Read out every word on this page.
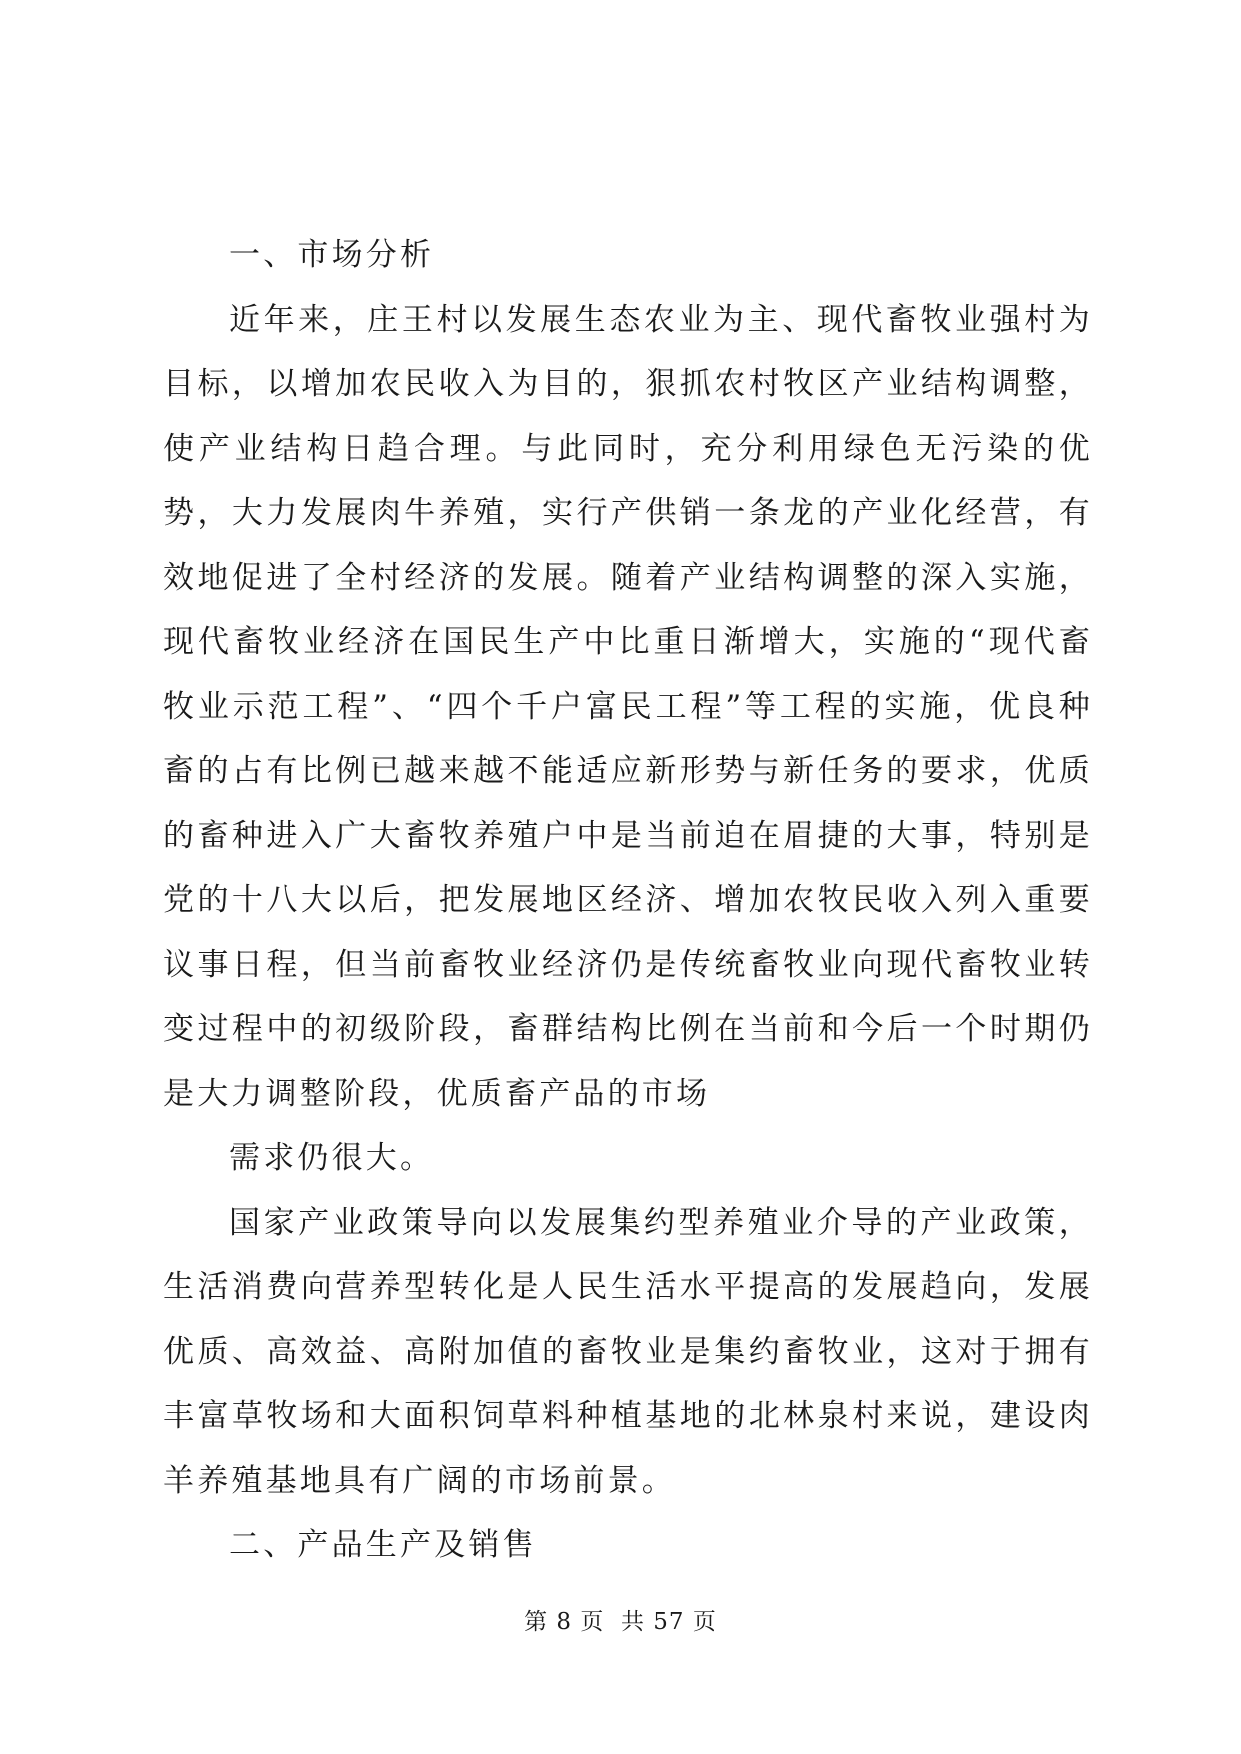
一、市场分析

近年来，庄王村以发展生态农业为主、现代畜牧业强村为目标，以增加农民收入为目的，狠抓农村牧区产业结构调整，使产业结构日趋合理。与此同时，充分利用绿色无污染的优势，大力发展肉牛养殖，实行产供销一条龙的产业化经营，有效地促进了全村经济的发展。随着产业结构调整的深入实施，现代畜牧业经济在国民生产中比重日渐增大，实施的“现代畜牧业示范工程”、“四个千户富民工程”等工程的实施，优良种畜的占有比例已越来越不能适应新形势与新任务的要求，优质的畜种进入广大畜牧养殖户中是当前迫在眉捷的大事，特别是党的十八大以后，把发展地区经济、增加农牧民收入列入重要议事日程，但当前畜牧业经济仍是传统畜牧业向现代畜牧业转变过程中的初级阶段，畜群结构比例在当前和今后一个时期仍是大力调整阶段，优质畜产品的市场

需求仍很大。

国家产业政策导向以发展集约型养殖业介导的产业政策，生活消费向营养型转化是人民生活水平提高的发展趋向，发展优质、高效益、高附加值的畜牧业是集约畜牧业，这对于拥有丰富草牧场和大面积饲草料种植基地的北林泉村来说，建设肉羊养殖基地具有广阔的市场前景。

二、产品生产及销售

第 8 页  共 57 页
